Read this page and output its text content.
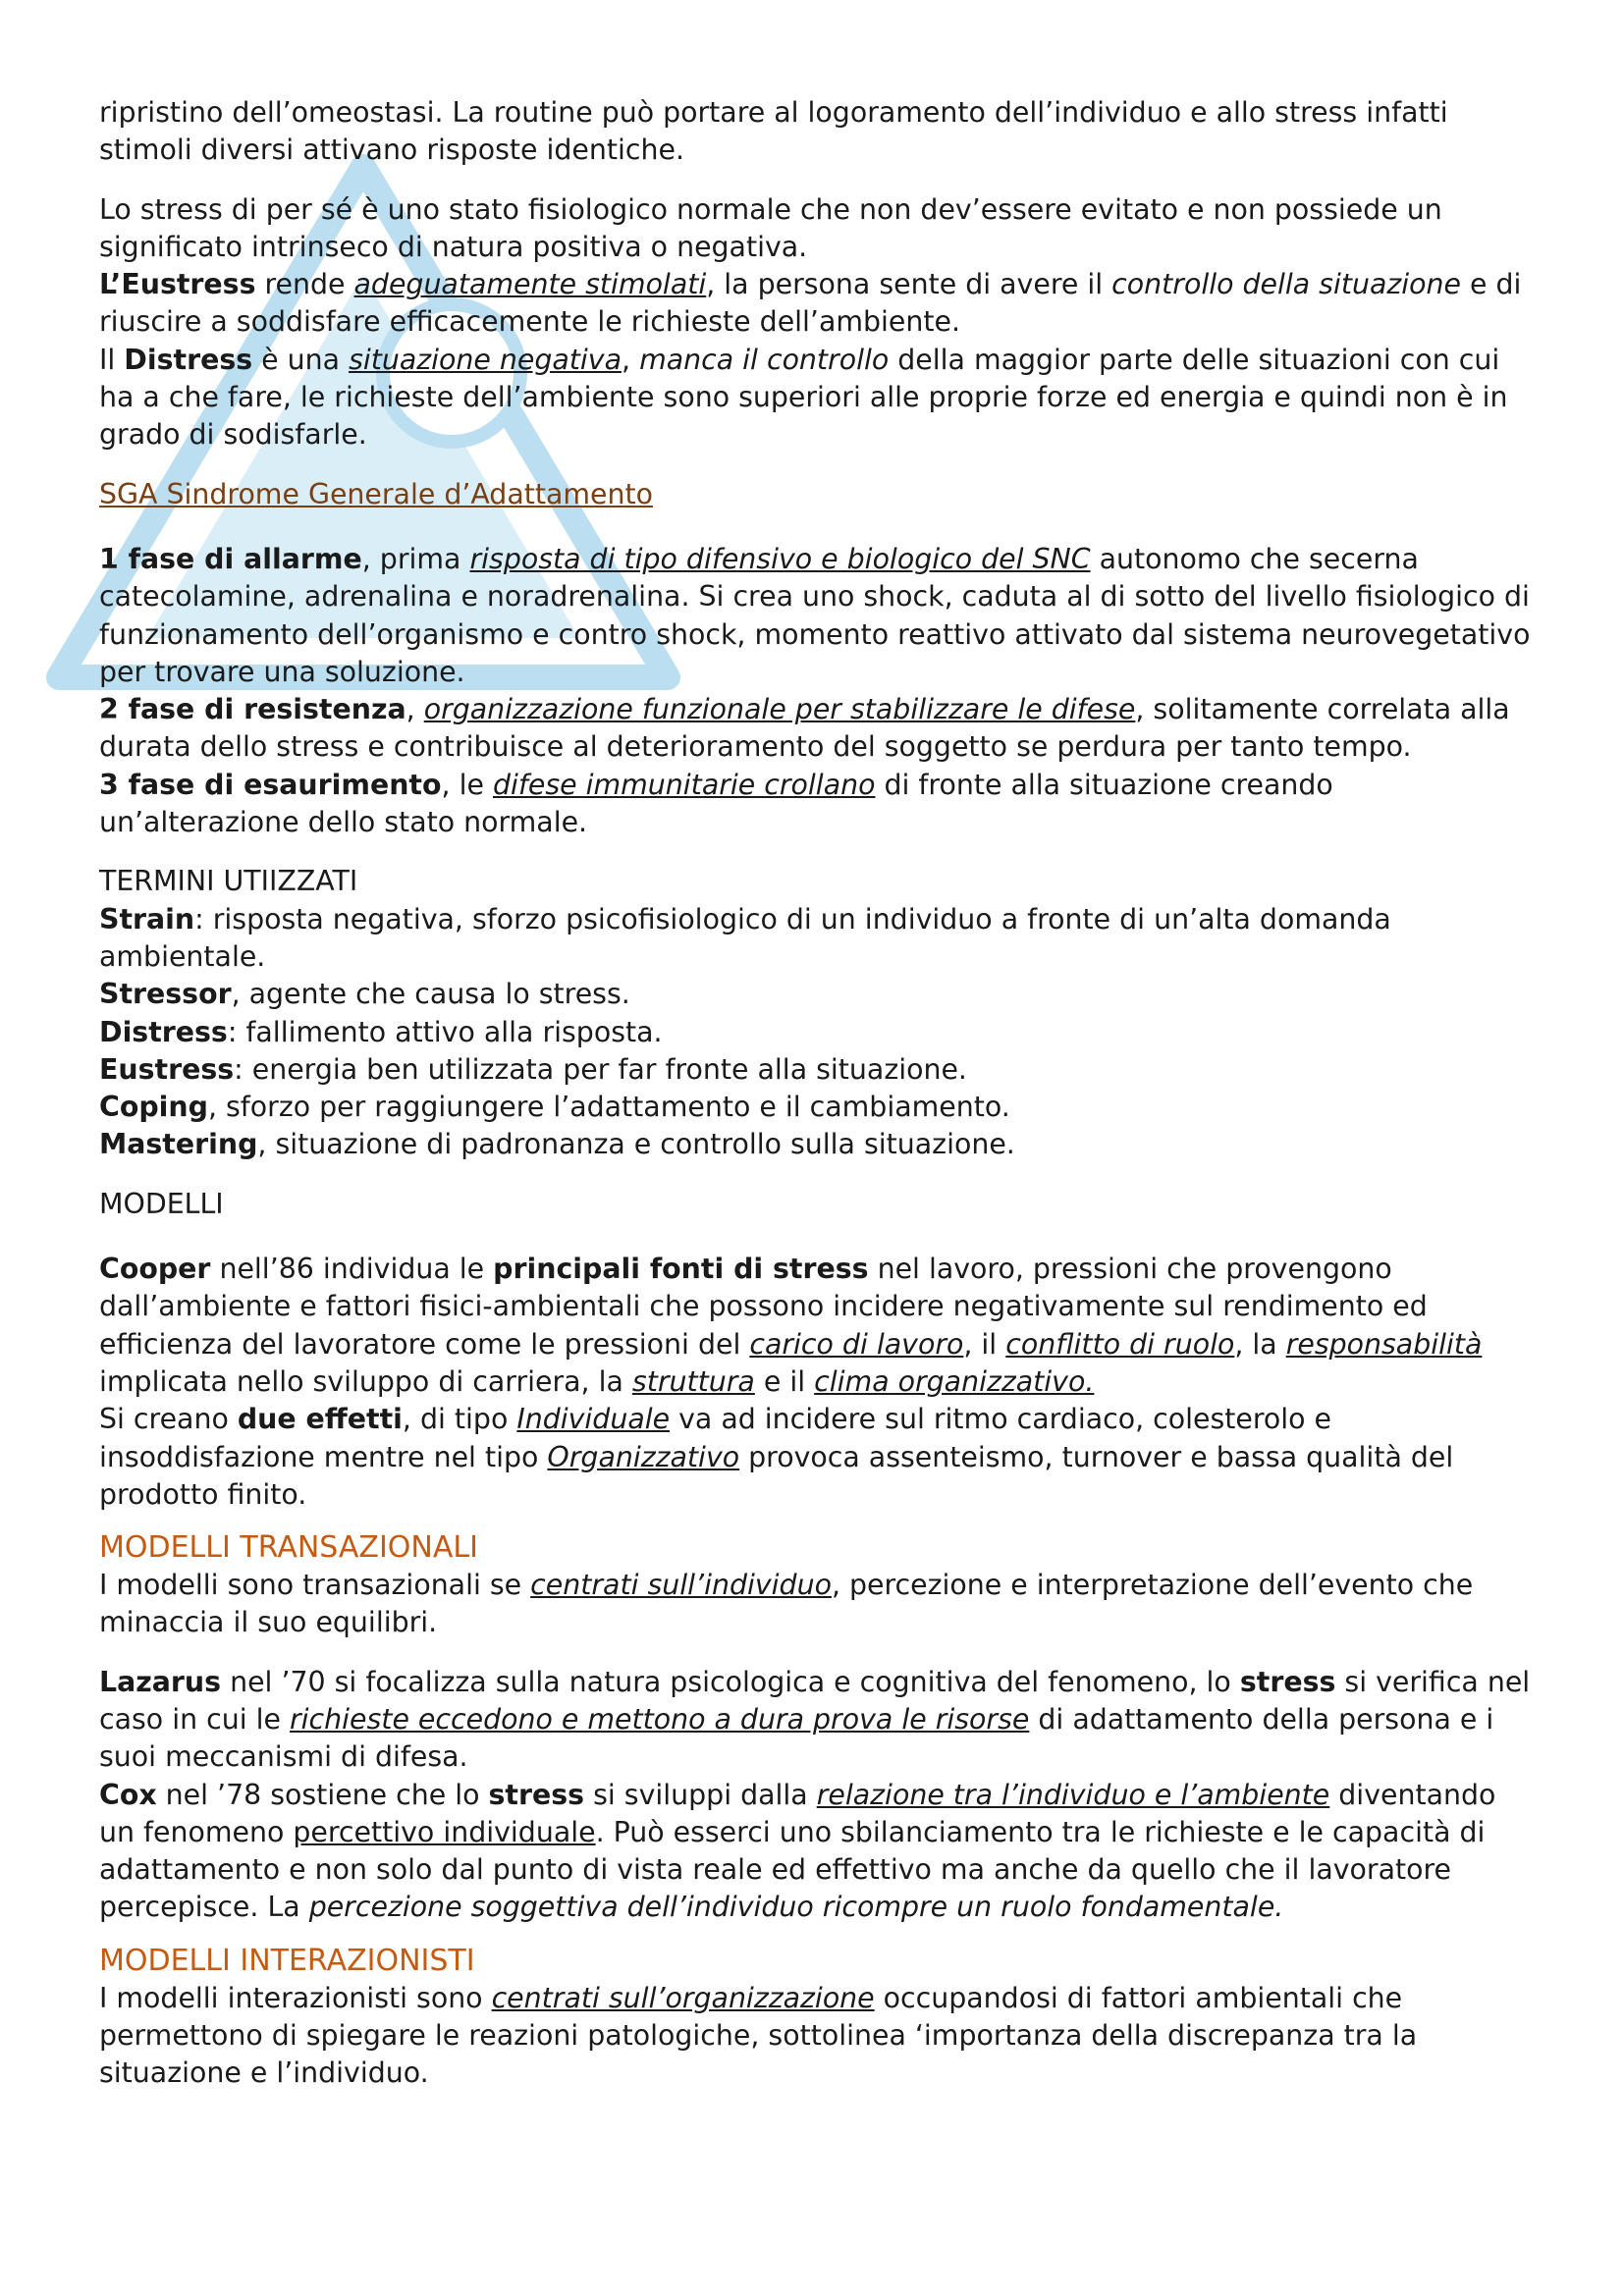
ripristino dell’omeostasi. La routine può portare al logoramento dell’individuo e allo stress infatti stimoli diversi attivano risposte identiche.

Lo stress di per sé è uno stato fisiologico normale che non dev’essere evitato e non possiede un significato intrinseco di natura positiva o negativa.

L’Eustress rende adeguatamente stimolati, la persona sente di avere il controllo della situazione e di riuscire a soddisfare efficacemente le richieste dell’ambiente.

Il Distress è una situazione negativa, manca il controllo della maggior parte delle situazioni con cui ha a che fare, le richieste dell’ambiente sono superiori alle proprie forze ed energia e quindi non è in grado di sodisfarle.

SGA Sindrome Generale d’Adattamento

1 fase di allarme, prima risposta di tipo difensivo e biologico del SNC autonomo che secerna catecolamine, adrenalina e noradrenalina. Si crea uno shock, caduta al di sotto del livello fisiologico di funzionamento dell’organismo e contro shock, momento reattivo attivato dal sistema neurovegetativo per trovare una soluzione.

2 fase di resistenza, organizzazione funzionale per stabilizzare le difese, solitamente correlata alla durata dello stress e contribuisce al deterioramento del soggetto se perdura per tanto tempo.

3 fase di esaurimento, le difese immunitarie crollano di fronte alla situazione creando un’alterazione dello stato normale.

TERMINI UTIIZZATI

Strain: risposta negativa, sforzo psicofisiologico di un individuo a fronte di un’alta domanda ambientale.

Stressor, agente che causa lo stress.

Distress: fallimento attivo alla risposta.

Eustress: energia ben utilizzata per far fronte alla situazione.

Coping, sforzo per raggiungere l’adattamento e il cambiamento.

Mastering, situazione di padronanza e controllo sulla situazione.

MODELLI

Cooper nell’86 individua le principali fonti di stress nel lavoro, pressioni che provengono dall’ambiente e fattori fisici-ambientali che possono incidere negativamente sul rendimento ed efficienza del lavoratore come le pressioni del carico di lavoro, il conflitto di ruolo, la responsabilità implicata nello sviluppo di carriera, la struttura e il clima organizzativo.

Si creano due effetti, di tipo Individuale va ad incidere sul ritmo cardiaco, colesterolo e insoddisfazione mentre nel tipo Organizzativo provoca assenteismo, turnover e bassa qualità del prodotto finito.

MODELLI TRANSAZIONALI

I modelli sono transazionali se centrati sull’individuo, percezione e interpretazione dell’evento che minaccia il suo equilibri.

Lazarus nel ’70 si focalizza sulla natura psicologica e cognitiva del fenomeno, lo stress si verifica nel caso in cui le richieste eccedono e mettono a dura prova le risorse di adattamento della persona e i suoi meccanismi di difesa.

Cox nel ’78 sostiene che lo stress si sviluppi dalla relazione tra l’individuo e l’ambiente diventando un fenomeno percettivo individuale. Può esserci uno sbilanciamento tra le richieste e le capacità di adattamento e non solo dal punto di vista reale ed effettivo ma anche da quello che il lavoratore percepisce. La percezione soggettiva dell’individuo ricompre un ruolo fondamentale.

MODELLI INTERAZIONISTI

I modelli interazionisti sono centrati sull’organizzazione occupandosi di fattori ambientali che permettono di spiegare le reazioni patologiche, sottolinea ‘importanza della discrepanza tra la situazione e l’individuo.
